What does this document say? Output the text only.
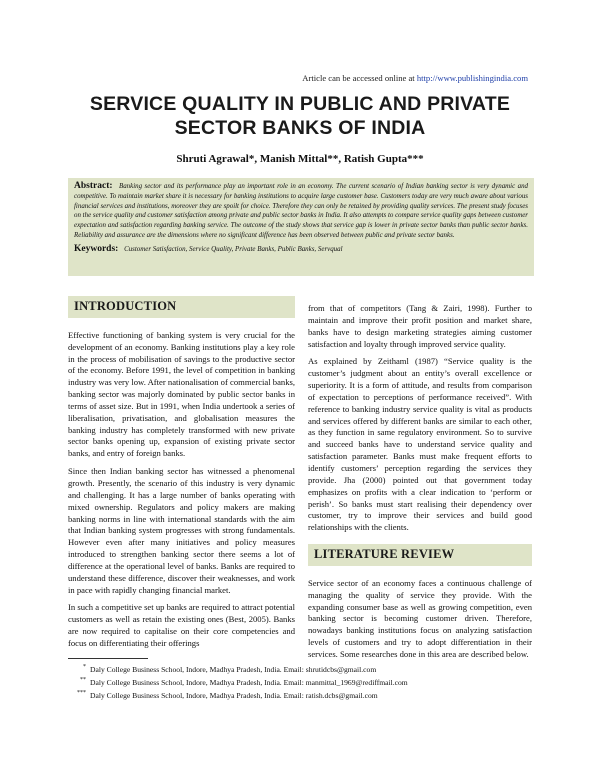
Article can be accessed online at http://www.publishingindia.com
SERVICE QUALITY IN PUBLIC AND PRIVATE
SECTOR BANKS OF INDIA
Shruti Agrawal*, Manish Mittal**, Ratish Gupta***
Abstract: Banking sector and its performance play an important role in an economy. The current scenario of Indian banking sector is very dynamic and competitive. To maintain market share it is necessary for banking institutions to acquire large customer base. Customers today are very much aware about various financial services and institutions, moreover they are spoilt for choice. Therefore they can only be retained by providing quality services. The present study focuses on the service quality and customer satisfaction among private and public sector banks in India. It also attempts to compare service quality gaps between customer expectation and satisfaction regarding banking service. The outcome of the study shows that service gap is lower in private sector banks than public sector banks. Reliability and assurance are the dimensions where no significant difference has been observed between public and private sector banks.
Keywords: Customer Satisfaction, Service Quality, Private Banks, Public Banks, Servqual
INTRODUCTION

Effective functioning of banking system is very crucial for the development of an economy. Banking institutions play a key role in the process of mobilisation of savings to the productive sector of the economy. Before 1991, the level of competition in banking industry was very low. After nationalisation of commercial banks, banking sector was majorly dominated by public sector banks in terms of asset size. But in 1991, when India undertook a series of liberalisation, privatisation, and globalisation measures the banking industry has completely transformed with new private sector banks opening up, expansion of existing private sector banks, and entry of foreign banks.

Since then Indian banking sector has witnessed a phenomenal growth. Presently, the scenario of this industry is very dynamic and challenging. It has a large number of banks operating with mixed ownership. Regulators and policy makers are making banking norms in line with international standards with the aim that Indian banking system progresses with strong fundamentals. However even after many initiatives and policy measures introduced to strengthen banking sector there seems a lot of difference at the operational level of banks. Banks are required to understand these difference, discover their weaknesses, and work in pace with rapidly changing financial market.

In such a competitive set up banks are required to attract potential customers as well as retain the existing ones (Best, 2005). Banks are now required to capitalise on their core competencies and focus on differentiating their offerings

from that of competitors (Tang & Zairi, 1998). Further to maintain and improve their profit position and market share, banks have to design marketing strategies aiming customer satisfaction and loyalty through improved service quality.

As explained by Zeithaml (1987) “Service quality is the customer’s judgment about an entity’s overall excellence or superiority. It is a form of attitude, and results from comparison of expectation to perceptions of performance received”. With reference to banking industry service quality is vital as products and services offered by different banks are similar to each other, as they function in same regulatory environment. So to survive and succeed banks have to understand service quality and satisfaction parameter. Banks must make frequent efforts to identify customers’ perception regarding the services they provide. Jha (2000) pointed out that government today emphasizes on profits with a clear indication to ‘perform or perish’. So banks must start realising their dependency over customer, try to improve their services and build good relationships with the clients.

LITERATURE REVIEW

Service sector of an economy faces a continuous challenge of managing the quality of service they provide. With the expanding consumer base as well as growing competition, even banking sector is becoming customer driven. Therefore, nowadays banking institutions focus on analyzing satisfaction levels of customers and try to adopt differentiation in their services. Some researches done in this area are described below.

* Daly College Business School, Indore, Madhya Pradesh, India. Email: shrutidcbs@gmail.com
** Daly College Business School, Indore, Madhya Pradesh, India. Email: manmittal_1969@rediffmail.com
*** Daly College Business School, Indore, Madhya Pradesh, India. Email: ratish.dcbs@gmail.com
